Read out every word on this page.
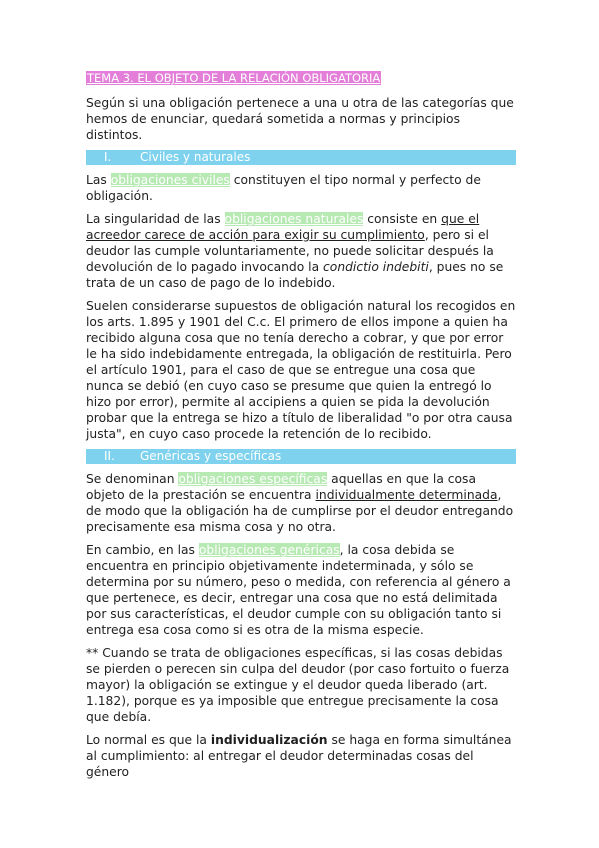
TEMA 3. EL OBJETO DE LA RELACIÓN OBLIGATORIA

Según si una obligación pertenece a una u otra de las categorías que hemos de enunciar, quedará sometida a normas y principios distintos.

I. Civiles y naturales

Las obligaciones civiles constituyen el tipo normal y perfecto de obligación.

La singularidad de las obligaciones naturales consiste en que el acreedor carece de acción para exigir su cumplimiento, pero si el deudor las cumple voluntariamente, no puede solicitar después la devolución de lo pagado invocando la condictio indebiti, pues no se trata de un caso de pago de lo indebido.

Suelen considerarse supuestos de obligación natural los recogidos en los arts. 1.895 y 1901 del C.c. El primero de ellos impone a quien ha recibido alguna cosa que no tenía derecho a cobrar, y que por error le ha sido indebidamente entregada, la obligación de restituirla. Pero el artículo 1901, para el caso de que se entregue una cosa que nunca se debió (en cuyo caso se presume que quien la entregó lo hizo por error), permite al accipiens a quien se pida la devolución probar que la entrega se hizo a título de liberalidad "o por otra causa justa", en cuyo caso procede la retención de lo recibido.

II. Genéricas y específicas

Se denominan obligaciones específicas aquellas en que la cosa objeto de la prestación se encuentra individualmente determinada, de modo que la obligación ha de cumplirse por el deudor entregando precisamente esa misma cosa y no otra.

En cambio, en las obligaciones genéricas, la cosa debida se encuentra en principio objetivamente indeterminada, y sólo se determina por su número, peso o medida, con referencia al género a que pertenece, es decir, entregar una cosa que no está delimitada por sus características, el deudor cumple con su obligación tanto si entrega esa cosa como si es otra de la misma especie.

** Cuando se trata de obligaciones específicas, si las cosas debidas se pierden o perecen sin culpa del deudor (por caso fortuito o fuerza mayor) la obligación se extingue y el deudor queda liberado (art. 1.182), porque es ya imposible que entregue precisamente la cosa que debía.

Lo normal es que la individualización se haga en forma simultánea al cumplimiento: al entregar el deudor determinadas cosas del género
